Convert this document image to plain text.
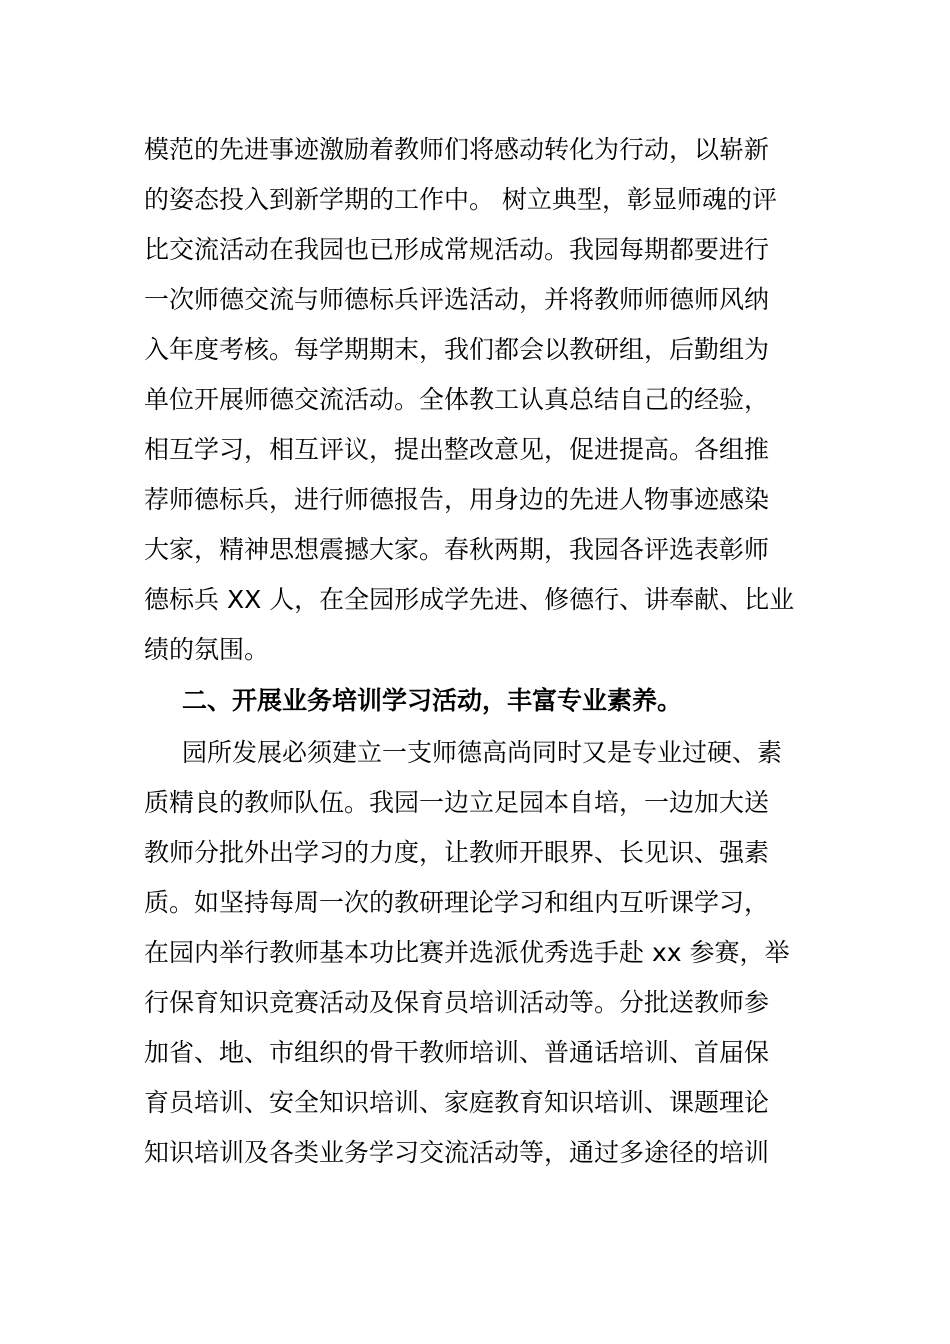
模范的先进事迹激励着教师们将感动转化为行动，以崭新
的姿态投入到新学期的工作中。 树立典型，彰显师魂的评
比交流活动在我园也已形成常规活动。我园每期都要进行
一次师德交流与师德标兵评选活动，并将教师师德师风纳
入年度考核。每学期期末，我们都会以教研组，后勤组为
单位开展师德交流活动。全体教工认真总结自己的经验，
相互学习，相互评议，提出整改意见，促进提高。各组推
荐师德标兵，进行师德报告，用身边的先进人物事迹感染
大家，精神思想震撼大家。春秋两期，我园各评选表彰师
德标兵 XX 人，在全园形成学先进、修德行、讲奉献、比业
绩的氛围。
二、开展业务培训学习活动，丰富专业素养。
园所发展必须建立一支师德高尚同时又是专业过硬、素
质精良的教师队伍。我园一边立足园本自培，一边加大送
教师分批外出学习的力度，让教师开眼界、长见识、强素
质。如坚持每周一次的教研理论学习和组内互听课学习，
在园内举行教师基本功比赛并选派优秀选手赴 xx 参赛，举
行保育知识竞赛活动及保育员培训活动等。分批送教师参
加省、地、市组织的骨干教师培训、普通话培训、首届保
育员培训、安全知识培训、家庭教育知识培训、课题理论
知识培训及各类业务学习交流活动等，通过多途径的培训
